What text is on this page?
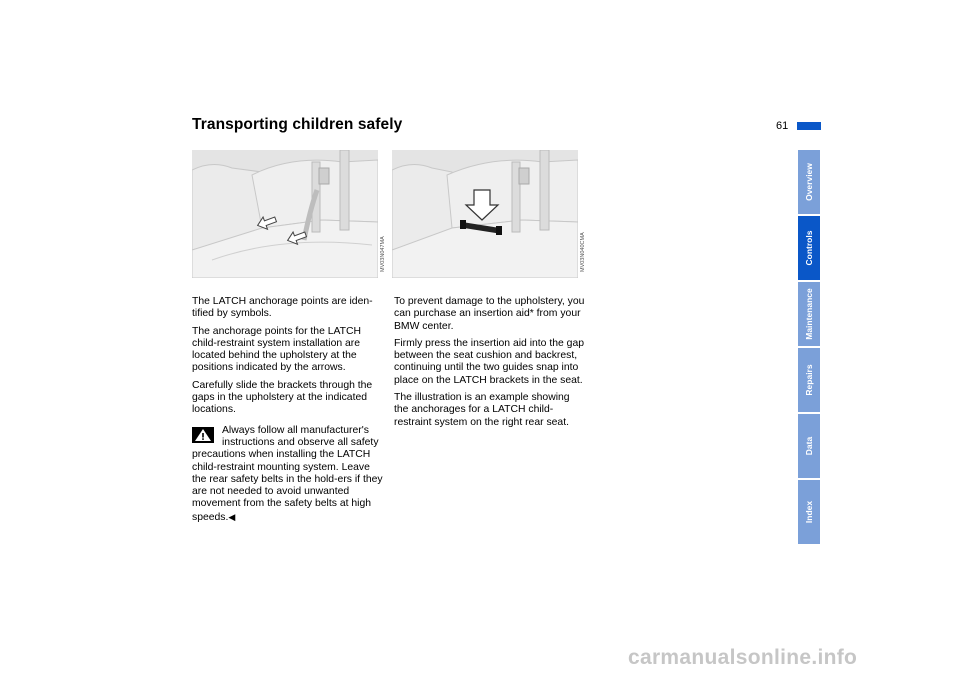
Transporting children safely	61
MV03N047MA	MV03N040CMA

The LATCH anchorage points are iden-tified by symbols.

The anchorage points for the LATCH child-restraint system installation are located behind the upholstery at the positions indicated by the arrows.

Carefully slide the brackets through the gaps in the upholstery at the indicated locations.

Always follow all manufacturer's instructions and observe all safety precautions when installing the LATCH child-restraint mounting system. Leave the rear safety belts in the hold-ers if they are not needed to avoid unwanted movement from the safety belts at high speeds.◀

To prevent damage to the upholstery, you can purchase an insertion aid* from your BMW center.

Firmly press the insertion aid into the gap between the seat cushion and backrest, continuing until the two guides snap into place on the LATCH brackets in the seat.

The illustration is an example showing the anchorages for a LATCH child-restraint system on the right rear seat.

Overview
Controls
Maintenance
Repairs
Data
Index
carmanualsonline.info
